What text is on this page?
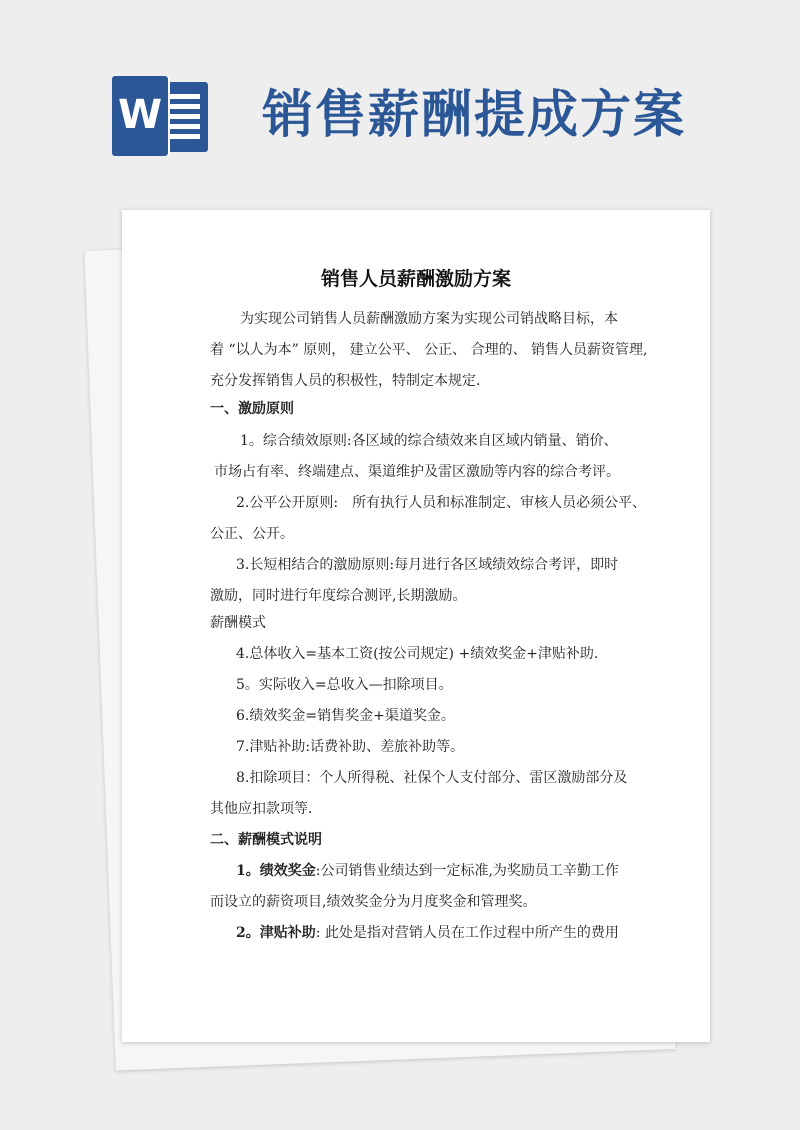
W 销售薪酬提成方案
销售人员薪酬激励方案
为实现公司销售人员薪酬激励方案为实现公司销战略目标，本
着 “以人为本” 原则， 建立公平、 公正、 合理的、 销售人员薪资管理,
充分发挥销售人员的积极性，特制定本规定.
一、激励原则
1。综合绩效原则:各区域的综合绩效来自区域内销量、销价、
市场占有率、终端建点、渠道维护及雷区激励等内容的综合考评。
2.公平公开原则:　所有执行人员和标准制定、审核人员必须公平、
公正、公开。
3.长短相结合的激励原则:每月进行各区域绩效综合考评，即时
激励，同时进行年度综合测评,长期激励。
薪酬模式
4.总体收入=基本工资(按公司规定) +绩效奖金+津贴补助.
5。实际收入=总收入—扣除项目。
6.绩效奖金=销售奖金+渠道奖金。
7.津贴补助:话费补助、差旅补助等。
8.扣除项目：个人所得税、社保个人支付部分、雷区激励部分及
其他应扣款项等.
二、薪酬模式说明
1。绩效奖金:公司销售业绩达到一定标准,为奖励员工辛勤工作
而设立的薪资项目,绩效奖金分为月度奖金和管理奖。
2。津贴补助: 此处是指对营销人员在工作过程中所产生的费用
